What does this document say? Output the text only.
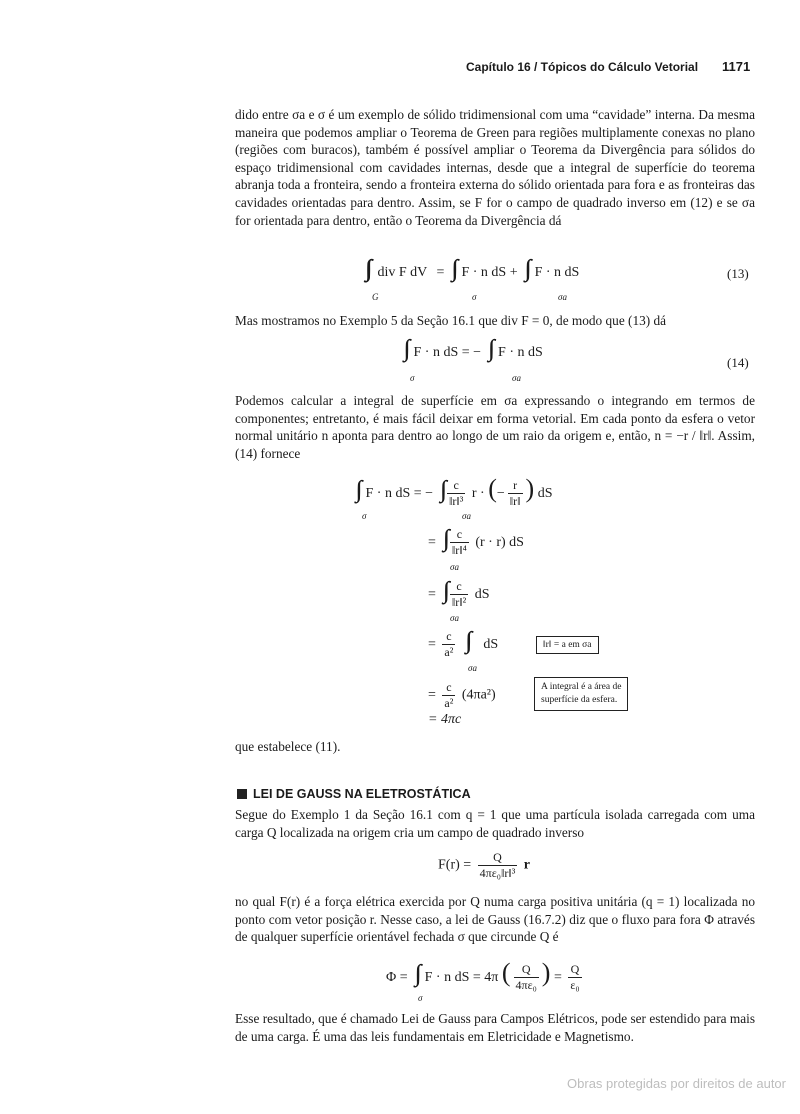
Capítulo 16 / Tópicos do Cálculo Vetorial 1171
dido entre σa e σ é um exemplo de sólido tridimensional com uma “cavidade” interna. Da mesma maneira que podemos ampliar o Teorema de Green para regiões multiplamente conexas no plano (regiões com buracos), também é possível ampliar o Teorema da Divergência para sólidos do espaço tridimensional com cavidades internas, desde que a integral de superfície do teorema abranja toda a fronteira, sendo a fronteira externa do sólido orientada para fora e as fronteiras das cavidades orientadas para dentro. Assim, se F for o campo de quadrado inverso em (12) e se σa for orientada para dentro, então o Teorema da Divergência dá
div F dV = F · n dS + F · n dS
G	σ	σa
(13)
Mas mostramos no Exemplo 5 da Seção 16.1 que div F = 0, de modo que (13) dá
F · n dS = − F · n dS
σ	σa
(14)
Podemos calcular a integral de superfície em σa expressando o integrando em termos de componentes; entretanto, é mais fácil deixar em forma vetorial. Em cada ponto da esfera o vetor normal unitário n aponta para dentro ao longo de um raio da origem e, então, n = −r / ‖r‖. Assim, (14) fornece
F · n dS = − $\frac{c}{\text{‖r‖³}}$ r · (− $\frac{r}{‖r‖}$ ) dS
σ	σa
= $\frac{c}{\text{‖r‖⁴}} (r \cdot r)$ dS
σa
= $\frac{c}{\text{‖r‖²}}$ dS
σa
= $\frac{c}{\text{a²}}$ dS
σa
‖r‖ = a em σa
= $\frac{c}{\text{a²}} (4\pi a^2)$
A integral é a área de
superfície da esfera.
= 4πc
que estabelece (11).
LEI DE GAUSS NA ELETROSTÁTICA
Segue do Exemplo 1 da Seção 16.1 com q = 1 que uma partícula isolada carregada com uma carga Q localizada na origem cria um campo de quadrado inverso
$F(r) = \frac{Q}{\text{4πε₀‖r‖³}}$ r
no qual F(r) é a força elétrica exercida por Q numa carga positiva unitária (q = 1) localizada no ponto com vetor posição r. Nesse caso, a lei de Gauss (16.7.2) diz que o fluxo para fora Φ através de qualquer superfície orientável fechada σ que circunde Q é
Φ = F · n dS = 4π ( $\frac{Q}{\text{4πε₀}}$ ) = $\frac{Q}{\text{ε₀}}$
σ
Esse resultado, que é chamado Lei de Gauss para Campos Elétricos, pode ser estendido para mais de uma carga. É uma das leis fundamentais em Eletricidade e Magnetismo.
Obras protegidas por direitos de autor
